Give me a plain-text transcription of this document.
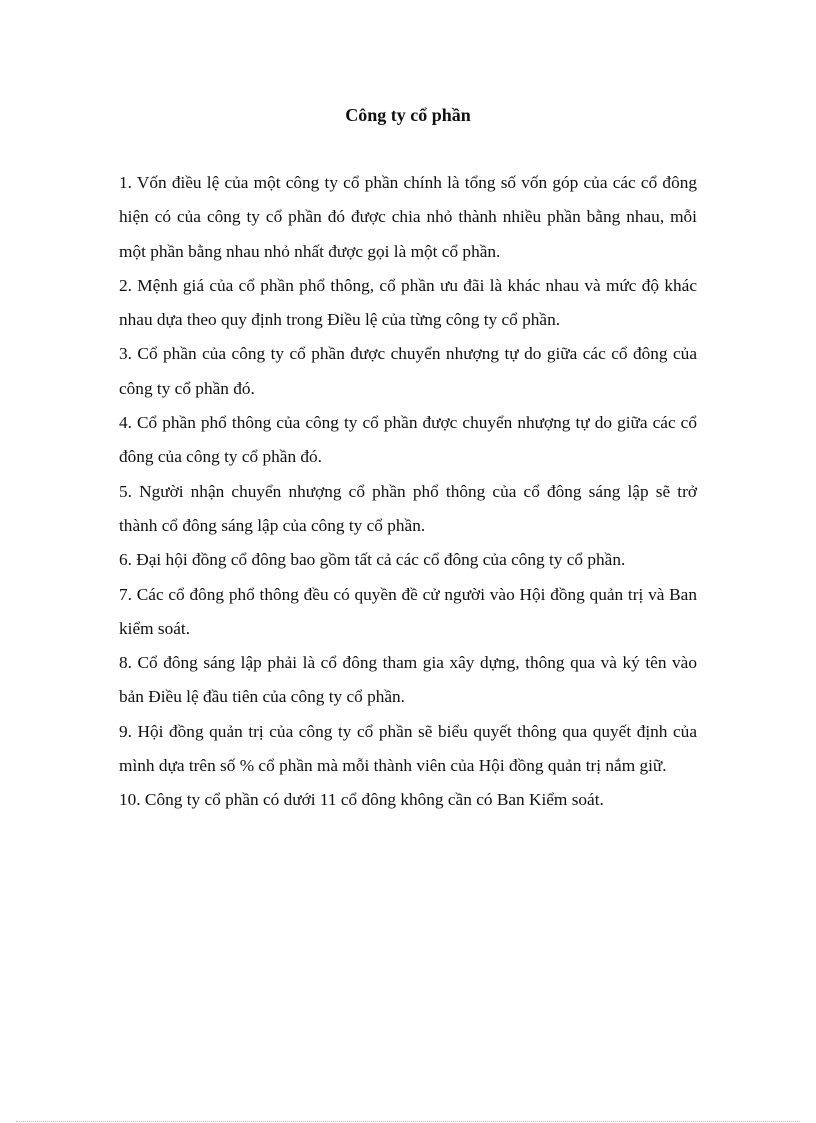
Công ty cổ phần

1. Vốn điều lệ của một công ty cổ phần chính là tổng số vốn góp của các cổ đông hiện có của công ty cổ phần đó được chia nhỏ thành nhiều phần bằng nhau, mỗi một phần bằng nhau nhỏ nhất được gọi là một cổ phần.

2. Mệnh giá của cổ phần phổ thông, cổ phần ưu đãi là khác nhau và mức độ khác nhau dựa theo quy định trong Điều lệ của từng công ty cổ phần.

3. Cổ phần của công ty cổ phần được chuyển nhượng tự do giữa các cổ đông của công ty cổ phần đó.

4. Cổ phần phổ thông của công ty cổ phần được chuyển nhượng tự do giữa các cổ đông của công ty cổ phần đó.

5. Người nhận chuyển nhượng cổ phần phổ thông của cổ đông sáng lập sẽ trở thành cổ đông sáng lập của công ty cổ phần.

6. Đại hội đồng cổ đông bao gồm tất cả các cổ đông của công ty cổ phần.

7. Các cổ đông phổ thông đều có quyền đề cử người vào Hội đồng quản trị và Ban kiểm soát.

8. Cổ đông sáng lập phải là cổ đông tham gia xây dựng, thông qua và ký tên vào bản Điều lệ đầu tiên của công ty cổ phần.

9. Hội đồng quản trị của công ty cổ phần sẽ biểu quyết thông qua quyết định của mình dựa trên số % cổ phần mà mỗi thành viên của Hội đồng quản trị nắm giữ.

10. Công ty cổ phần có dưới 11 cổ đông không cần có Ban Kiểm soát.
